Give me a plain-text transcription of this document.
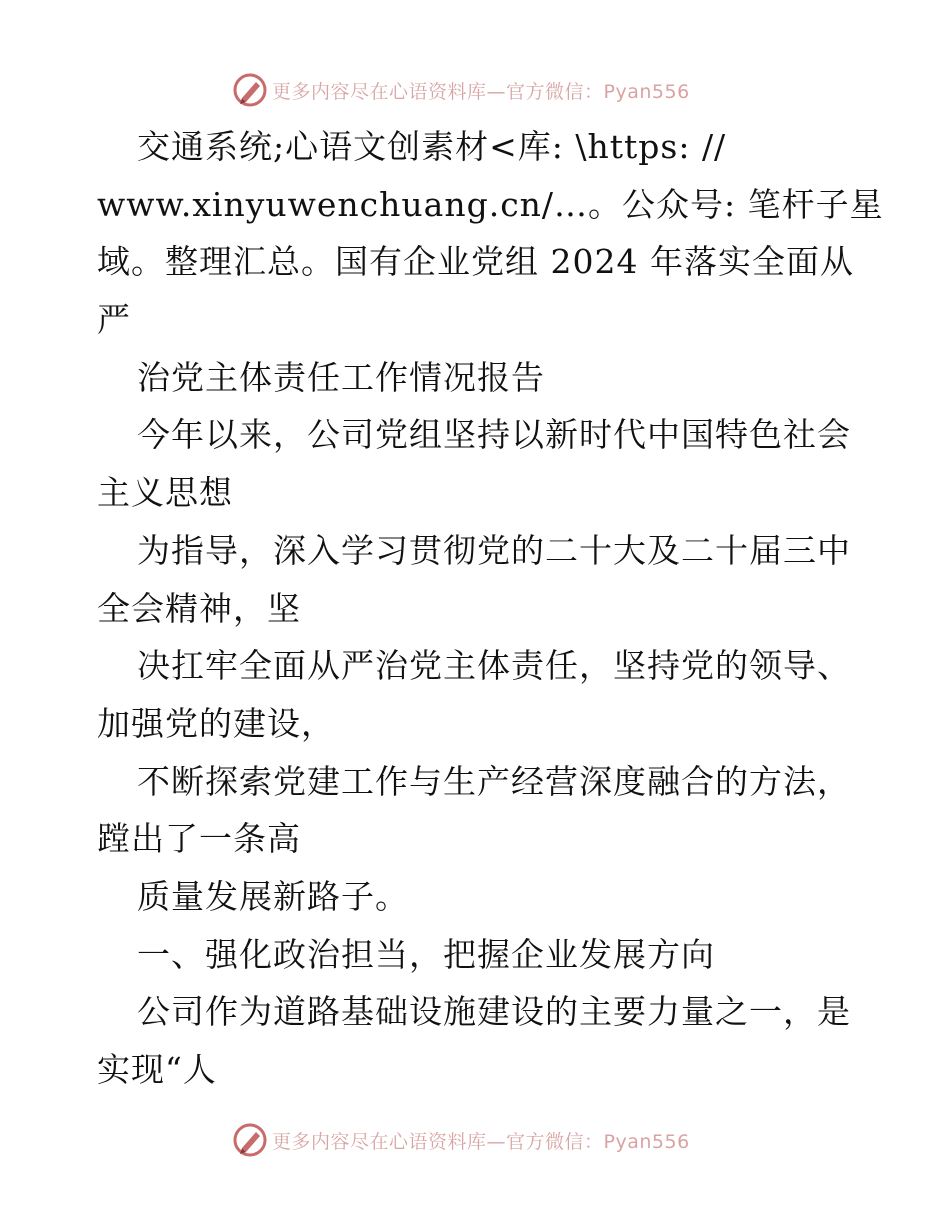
更多内容尽在心语资料库—官方微信：Pyan556
交通系统;心语文创素材<库: \https: //
www.xinyuwenchuang.cn/…。公众号: 笔杆子星
域。整理汇总。国有企业党组 2024 年落实全面从
严
治党主体责任工作情况报告
今年以来，公司党组坚持以新时代中国特色社会
主义思想
为指导，深入学习贯彻党的二十大及二十届三中
全会精神，坚
决扛牢全面从严治党主体责任，坚持党的领导、
加强党的建设，
不断探索党建工作与生产经营深度融合的方法，
蹚出了一条高
质量发展新路子。
一、强化政治担当，把握企业发展方向
公司作为道路基础设施建设的主要力量之一，是
实现“人
更多内容尽在心语资料库—官方微信：Pyan556
